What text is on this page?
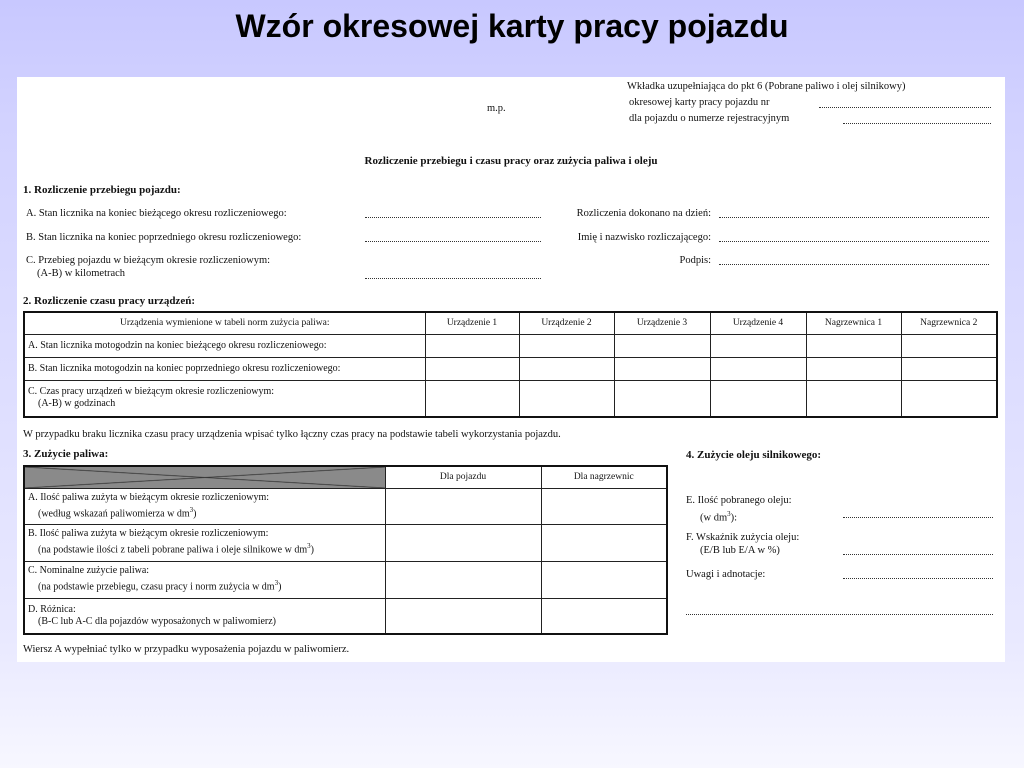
Wzór okresowej karty pracy pojazdu
m.p.
Wkładka uzupełniająca do pkt 6 (Pobrane paliwo i olej silnikowy)
okresowej karty pracy pojazdu nr
dla pojazdu o numerze rejestracyjnym
Rozliczenie przebiegu i czasu pracy oraz zużycia paliwa i oleju
1. Rozliczenie przebiegu pojazdu:
A. Stan licznika na koniec bieżącego okresu rozliczeniowego:
B. Stan licznika na koniec poprzedniego okresu rozliczeniowego:
C. Przebieg pojazdu w bieżącym okresie rozliczeniowym:
(A-B) w kilometrach
Rozliczenia dokonano na dzień:
Imię i nazwisko rozliczającego:
Podpis:
2. Rozliczenie czasu pracy urządzeń:
Urządzenia wymienione w tabeli norm zużycia paliwa:	Urządzenie 1	Urządzenie 2	Urządzenie 3	Urządzenie 4	Nagrzewnica 1	Nagrzewnica 2
A. Stan licznika motogodzin na koniec bieżącego okresu rozliczeniowego:						
B. Stan licznika motogodzin na koniec poprzedniego okresu rozliczeniowego:						

C. Czas pracy urządzeń w bieżącym okresie rozliczeniowym:
(A-B) w godzinach						

W przypadku braku licznika czasu pracy urządzenia wpisać tylko łączny czas pracy na podstawie tabeli wykorzystania pojazdu.
3. Zużycie paliwa:
	Dla pojazdu	Dla nagrzewnic

A. Ilość paliwa zużyta w bieżącym okresie rozliczeniowym:
(według wskazań paliwomierza w $dm^3$)		

B. Ilość paliwa zużyta w bieżącym okresie rozliczeniowym:
(na podstawie ilości z tabeli pobrane paliwa i oleje silnikowe w $dm^3$)		

C. Nominalne zużycie paliwa:
(na podstawie przebiegu, czasu pracy i norm zużycia w $dm^3$)		

D. Różnica:
(B-C lub A-C dla pojazdów wyposażonych w paliwomierz)		

Wiersz A wypełniać tylko w przypadku wyposażenia pojazdu w paliwomierz.
4. Zużycie oleju silnikowego:
E. Ilość pobranego oleju:
(w $dm^3$):
F. Wskaźnik zużycia oleju:
(E/B lub E/A w %)
Uwagi i adnotacje:
